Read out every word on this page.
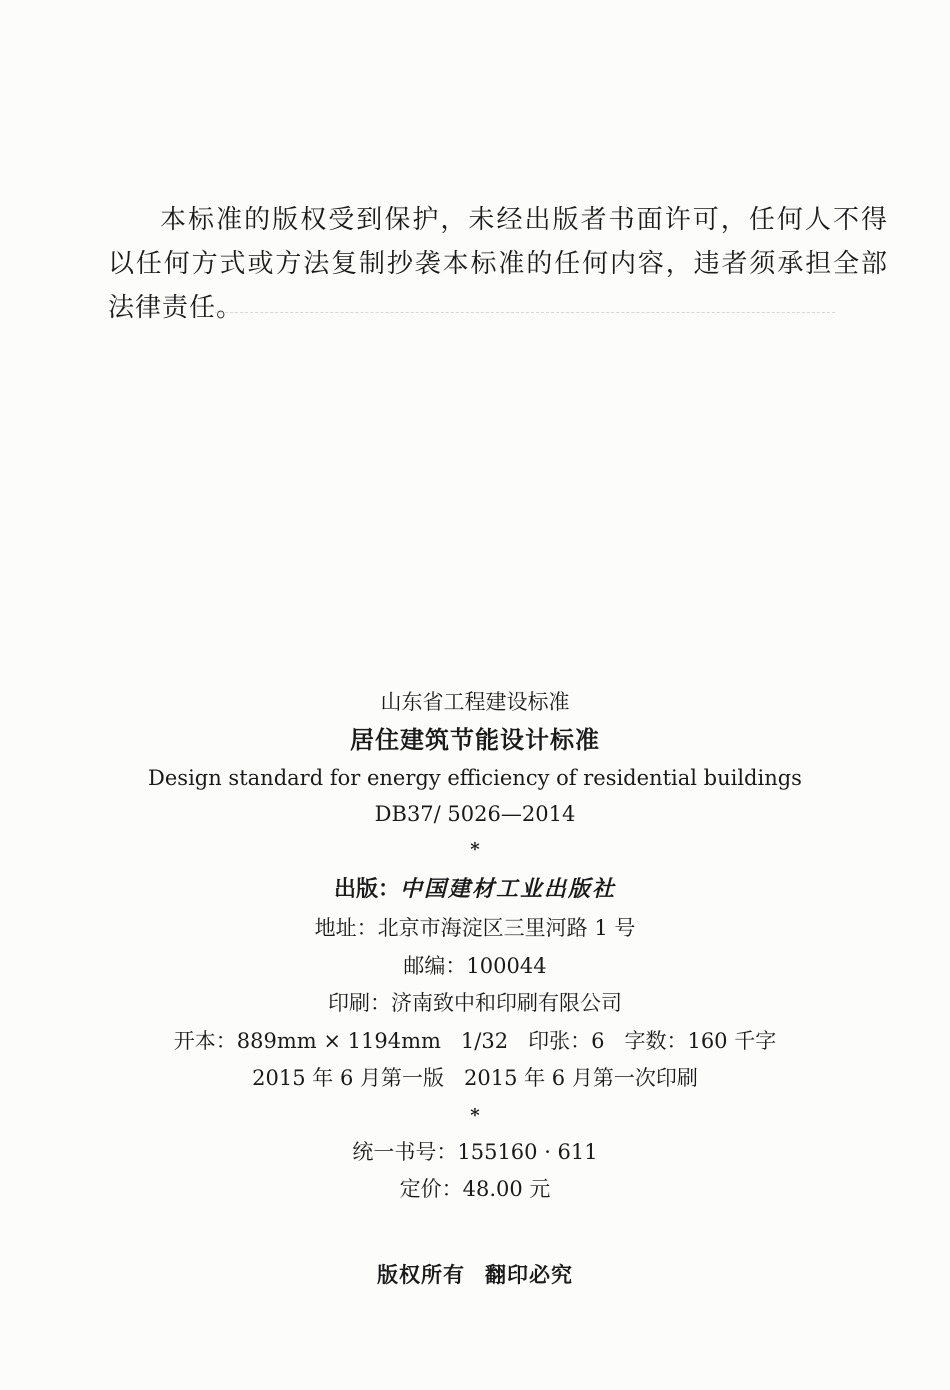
本标准的版权受到保护，未经出版者书面许可，任何人不得以任何方式或方法复制抄袭本标准的任何内容，违者须承担全部法律责任。

山东省工程建设标准
居住建筑节能设计标准
Design standard for energy efficiency of residential buildings
DB37/ 5026—2014
*
出版：中国建材工业出版社
地址：北京市海淀区三里河路 1 号
邮编：100044
印刷：济南致中和印刷有限公司
开本：889mm × 1194mm 1/32 印张：6 字数：160 千字
2015 年 6 月第一版 2015 年 6 月第一次印刷
*
统一书号：155160 · 611
定价：48.00 元
版权所有 翻印必究
